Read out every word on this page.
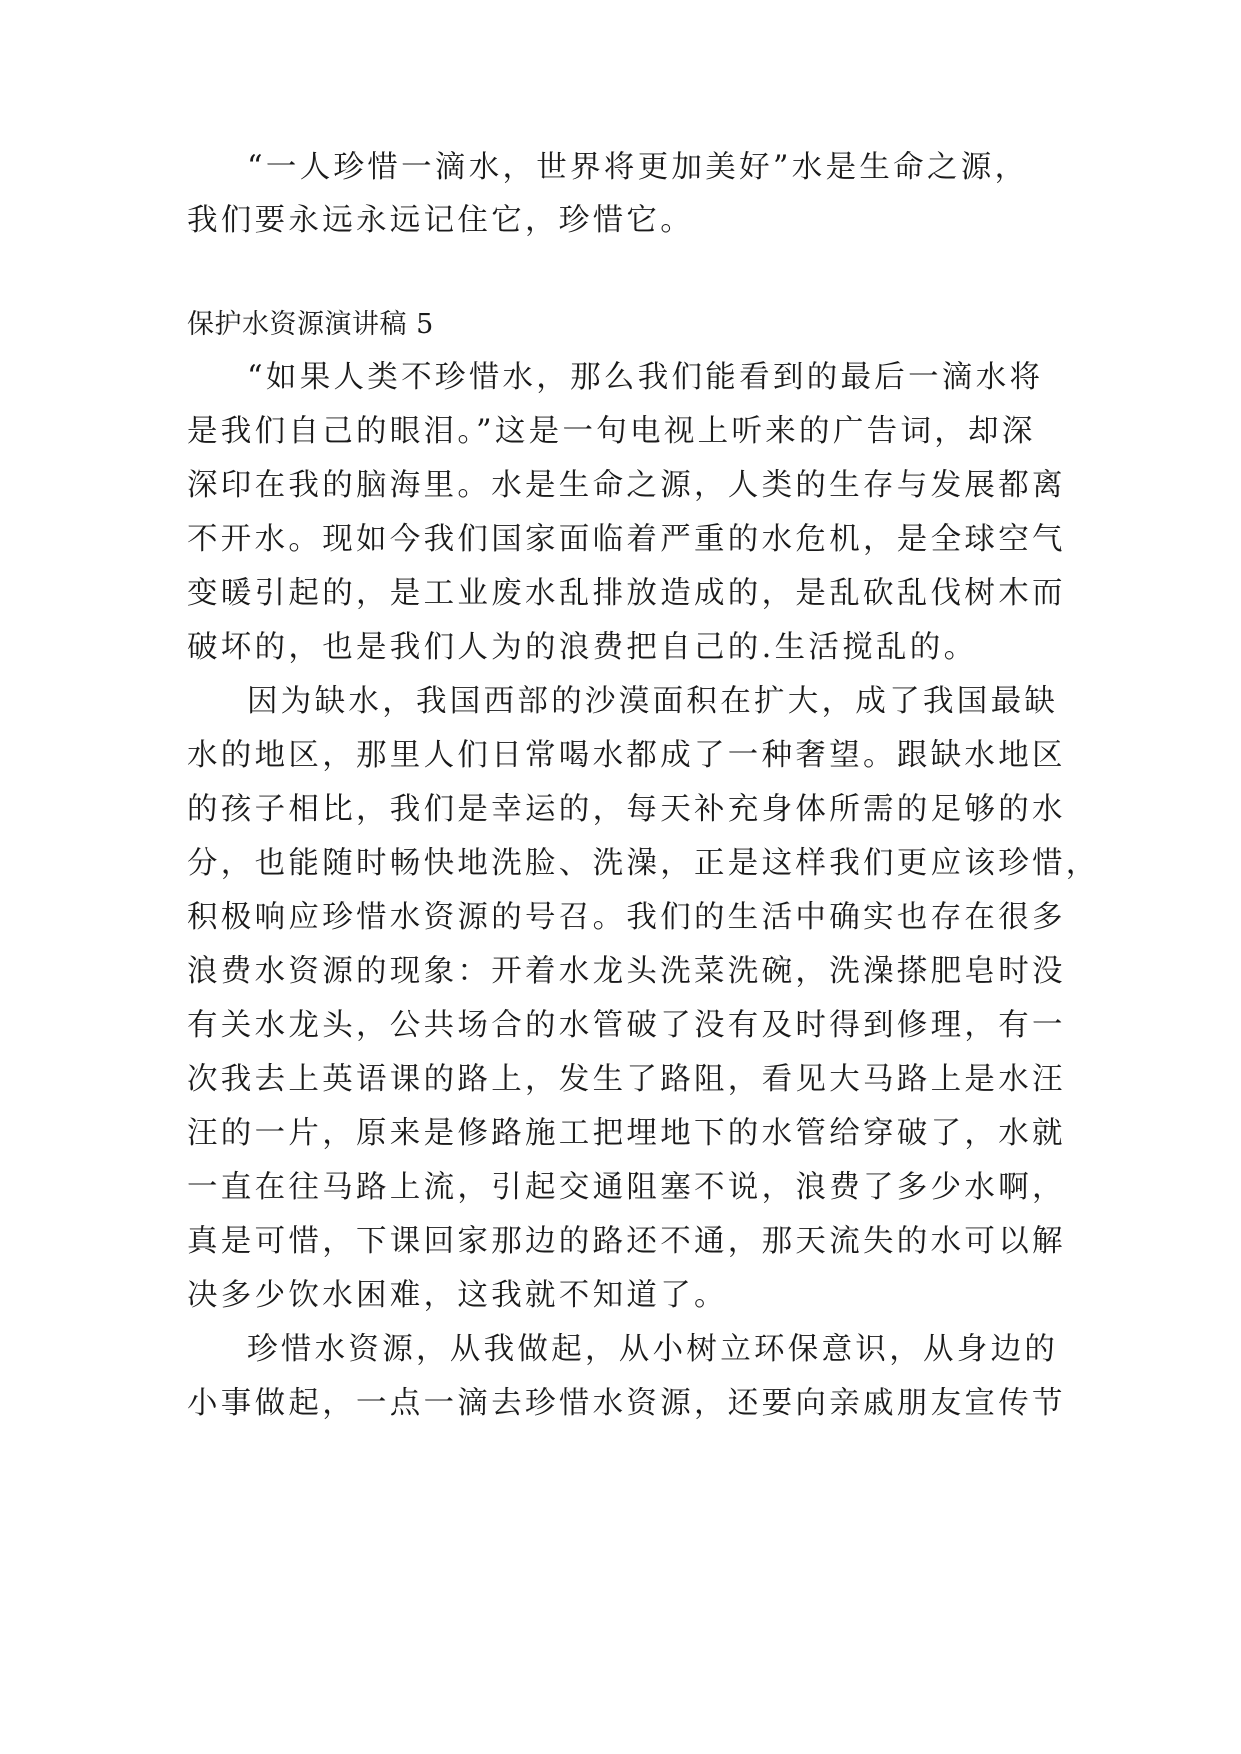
“一人珍惜一滴水，世界将更加美好”水是生命之源，
我们要永远永远记住它，珍惜它。
保护水资源演讲稿 5
“如果人类不珍惜水，那么我们能看到的最后一滴水将
是我们自己的眼泪。”这是一句电视上听来的广告词，却深
深印在我的脑海里。水是生命之源，人类的生存与发展都离
不开水。现如今我们国家面临着严重的水危机，是全球空气
变暖引起的，是工业废水乱排放造成的，是乱砍乱伐树木而
破坏的，也是我们人为的浪费把自己的.生活搅乱的。
因为缺水，我国西部的沙漠面积在扩大，成了我国最缺
水的地区，那里人们日常喝水都成了一种奢望。跟缺水地区
的孩子相比，我们是幸运的，每天补充身体所需的足够的水
分，也能随时畅快地洗脸、洗澡，正是这样我们更应该珍惜，
积极响应珍惜水资源的号召。我们的生活中确实也存在很多
浪费水资源的现象：开着水龙头洗菜洗碗，洗澡搽肥皂时没
有关水龙头，公共场合的水管破了没有及时得到修理，有一
次我去上英语课的路上，发生了路阻，看见大马路上是水汪
汪的一片，原来是修路施工把埋地下的水管给穿破了，水就
一直在往马路上流，引起交通阻塞不说，浪费了多少水啊，
真是可惜，下课回家那边的路还不通，那天流失的水可以解
决多少饮水困难，这我就不知道了。
珍惜水资源，从我做起，从小树立环保意识，从身边的
小事做起，一点一滴去珍惜水资源，还要向亲戚朋友宣传节
